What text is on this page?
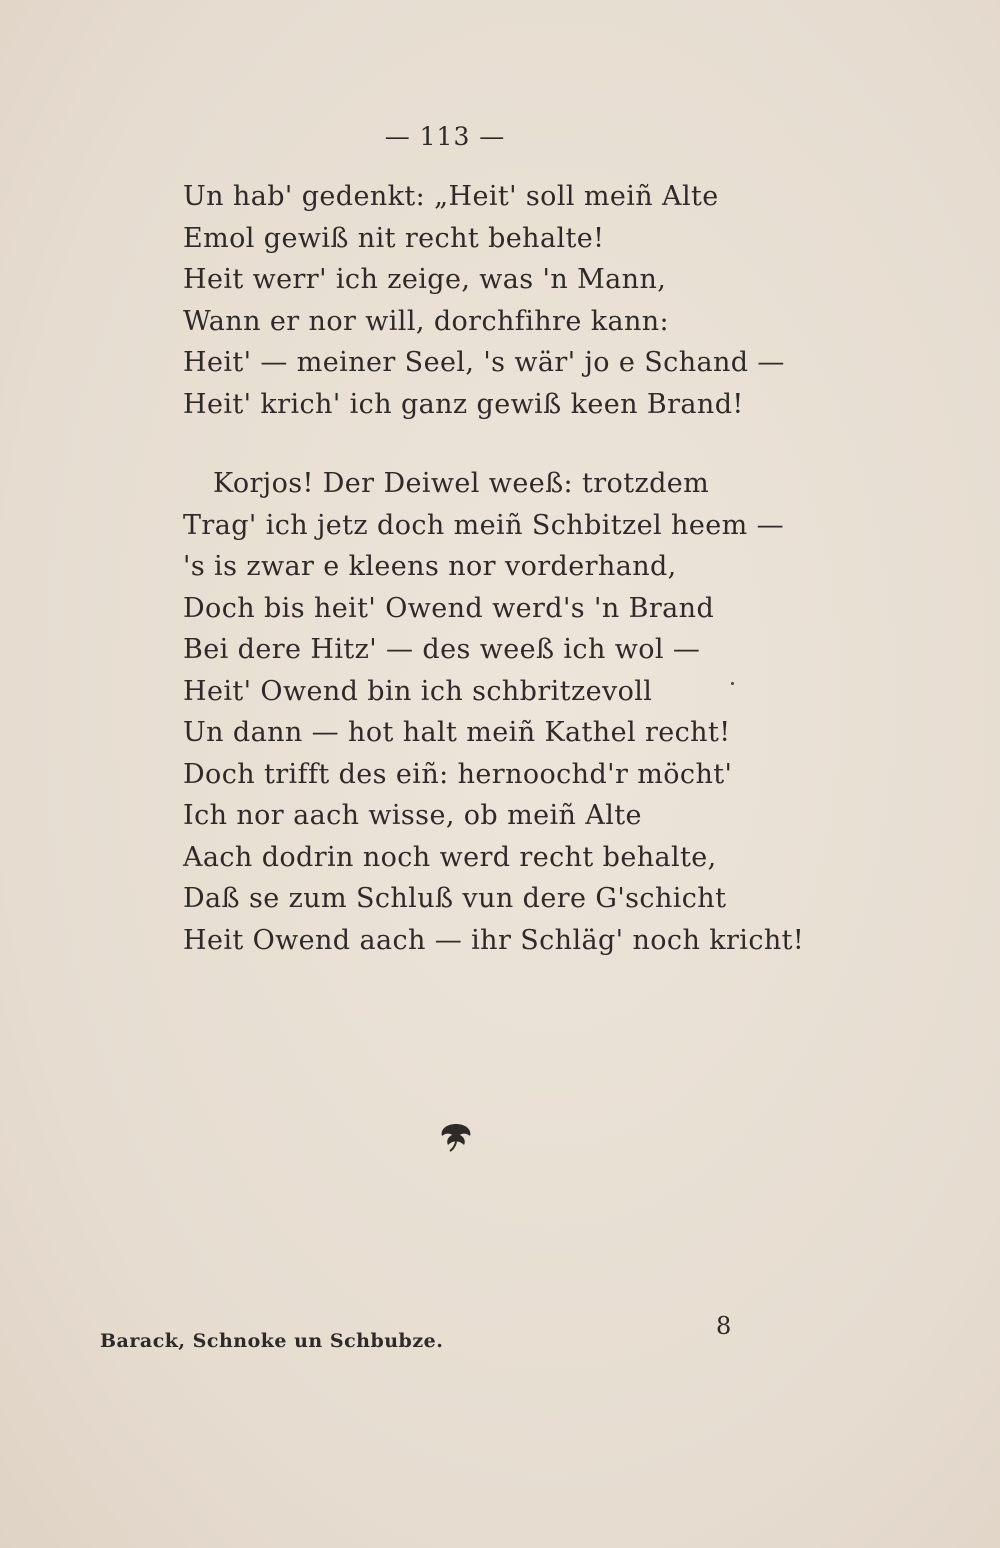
— 113 —
Un hab' gedenkt: „Heit' soll meiñ Alte
Emol gewiß nit recht behalte!
Heit werr' ich zeige, was 'n Mann,
Wann er nor will, dorchfihre kann:
Heit' — meiner Seel, 's wär' jo e Schand —
Heit' krich' ich ganz gewiß keen Brand!
Korjos! Der Deiwel weeß: trotzdem
Trag' ich jetz doch meiñ Schbitzel heem —
's is zwar e kleens nor vorderhand,
Doch bis heit' Owend werd's 'n Brand
Bei dere Hitz' — des weeß ich wol —
Heit' Owend bin ich schbritzevoll
Un dann — hot halt meiñ Kathel recht!
Doch trifft des eiñ: hernoochd'r möcht'
Ich nor aach wisse, ob meiñ Alte
Aach dodrin noch werd recht behalte,
Daß se zum Schluß vun dere G'schicht
Heit Owend aach — ihr Schläg' noch kricht!
Barack, Schnoke un Schbubze.
8
